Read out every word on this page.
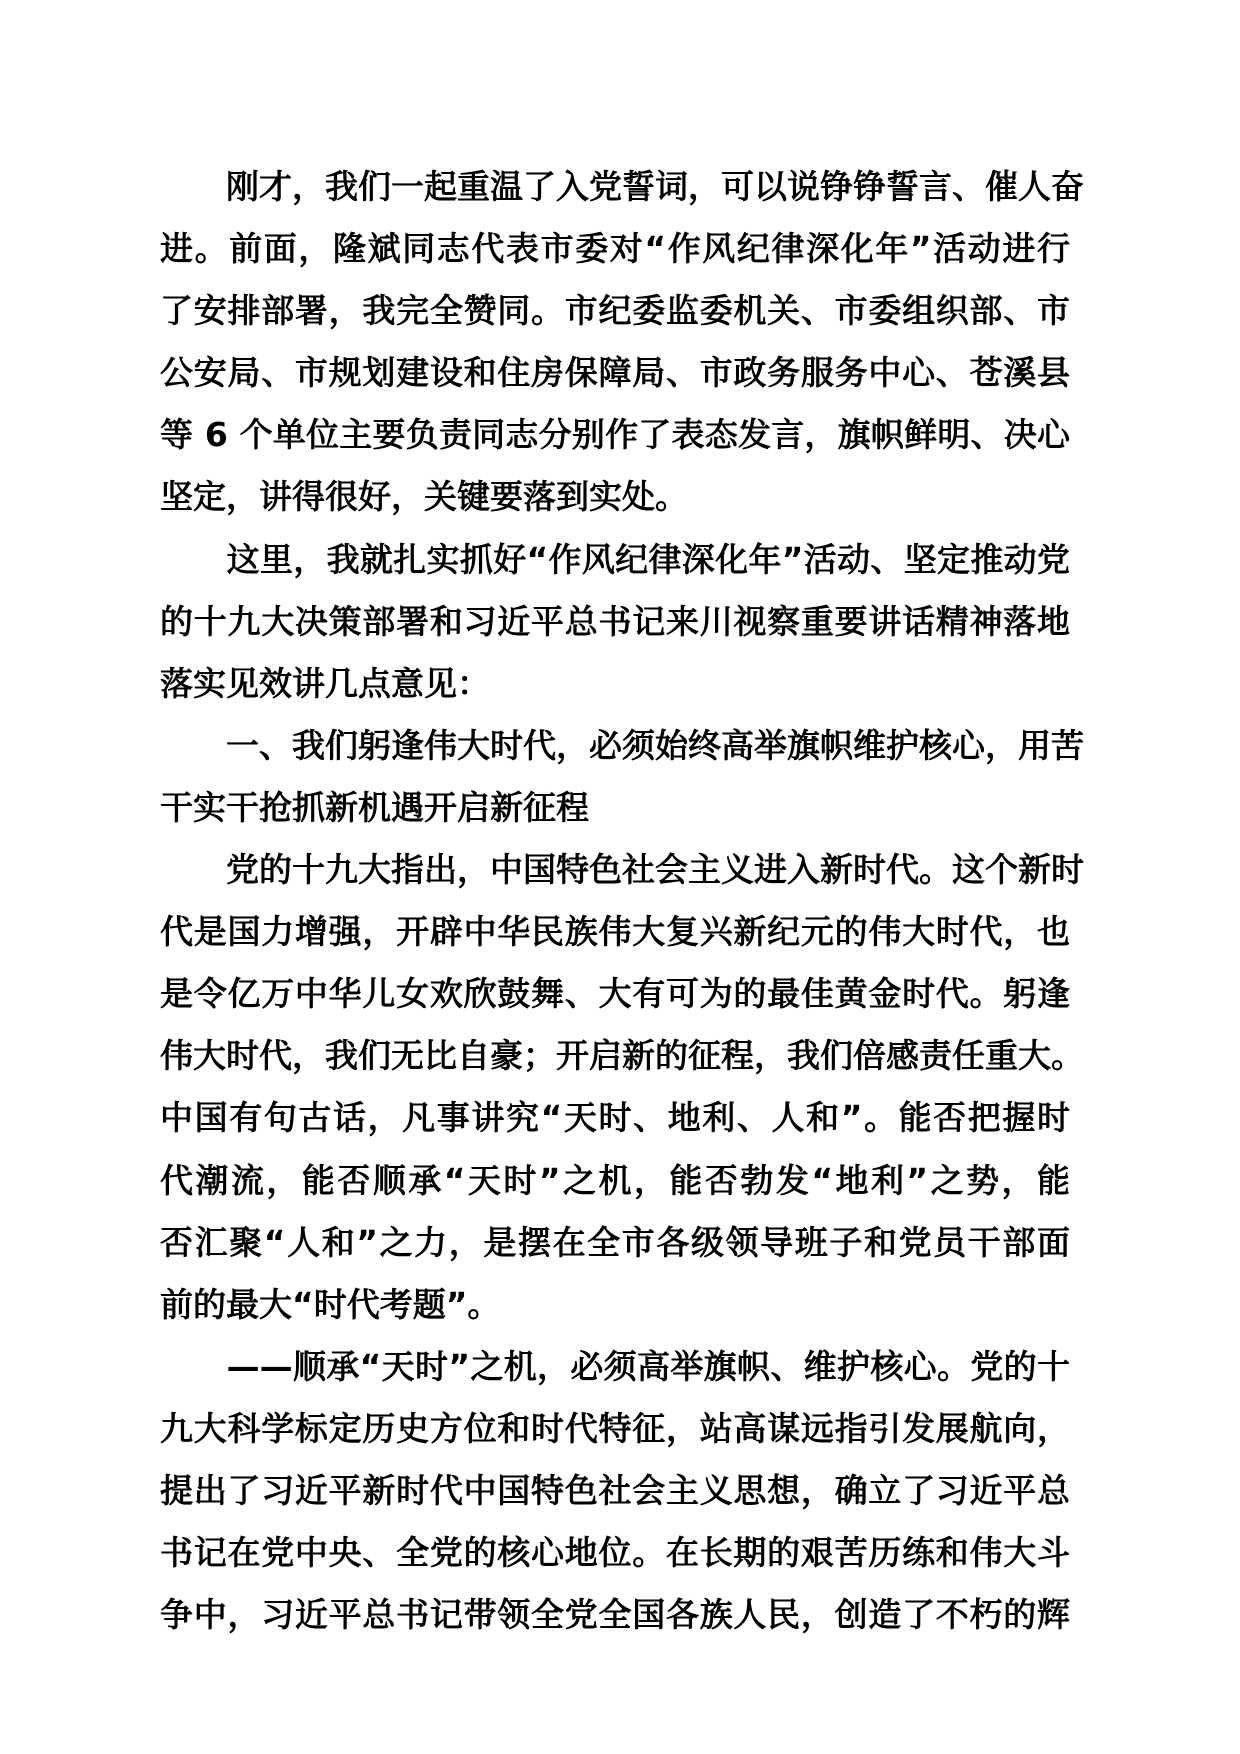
　　刚才，我们一起重温了入党誓词，可以说铮铮誓言、催人奋
进。前面，隆斌同志代表市委对“作风纪律深化年”活动进行
了安排部署，我完全赞同。市纪委监委机关、市委组织部、市
公安局、市规划建设和住房保障局、市政务服务中心、苍溪县
等 6 个单位主要负责同志分别作了表态发言，旗帜鲜明、决心
坚定，讲得很好，关键要落到实处。
　　这里，我就扎实抓好“作风纪律深化年”活动、坚定推动党
的十九大决策部署和习近平总书记来川视察重要讲话精神落地
落实见效讲几点意见：
　　一、我们躬逢伟大时代，必须始终高举旗帜维护核心，用苦
干实干抢抓新机遇开启新征程
　　党的十九大指出，中国特色社会主义进入新时代。这个新时
代是国力增强，开辟中华民族伟大复兴新纪元的伟大时代，也
是令亿万中华儿女欢欣鼓舞、大有可为的最佳黄金时代。躬逢
伟大时代，我们无比自豪；开启新的征程，我们倍感责任重大。
中国有句古话，凡事讲究“天时、地利、人和”。能否把握时
代潮流，能否顺承“天时”之机，能否勃发“地利”之势，能
否汇聚“人和”之力，是摆在全市各级领导班子和党员干部面
前的最大“时代考题”。
　　——顺承“天时”之机，必须高举旗帜、维护核心。党的十
九大科学标定历史方位和时代特征，站高谋远指引发展航向，
提出了习近平新时代中国特色社会主义思想，确立了习近平总
书记在党中央、全党的核心地位。在长期的艰苦历练和伟大斗
争中，习近平总书记带领全党全国各族人民，创造了不朽的辉
